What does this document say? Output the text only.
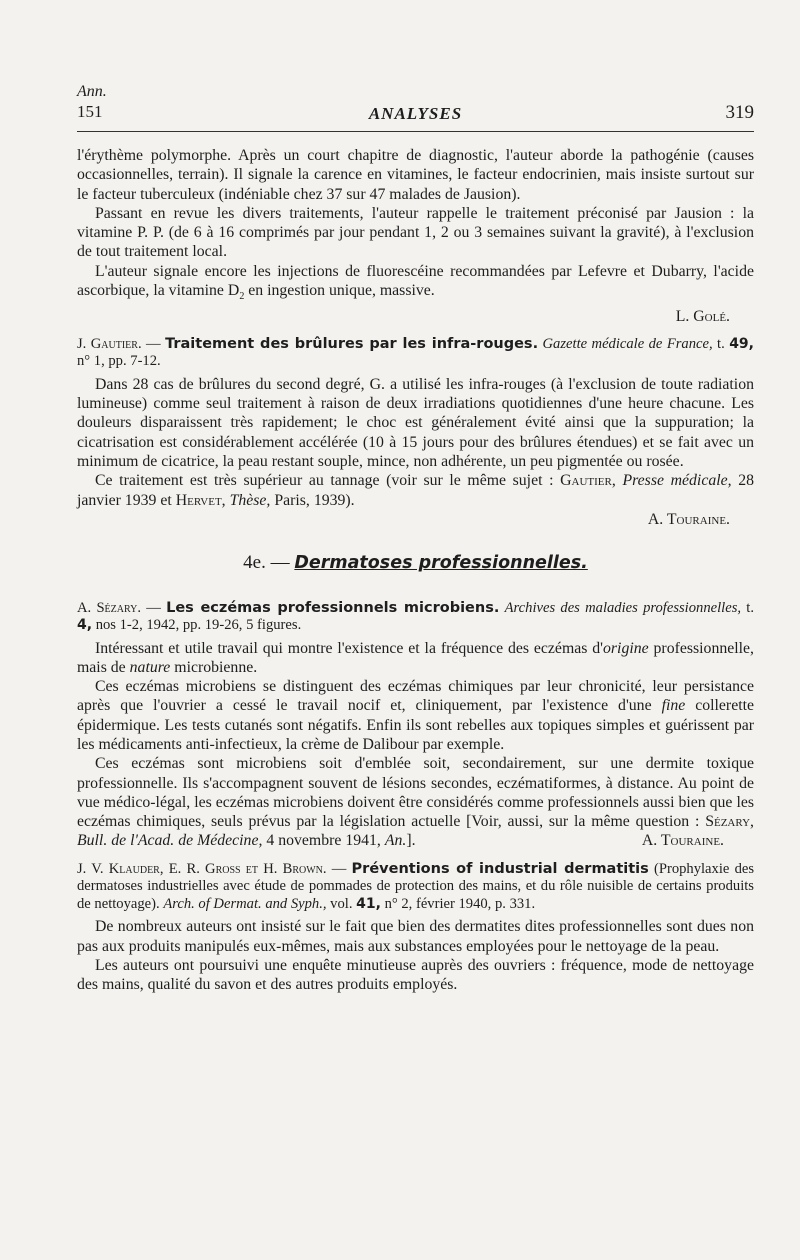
Ann.
151	ANALYSES	319

l'érythème polymorphe. Après un court chapitre de diagnostic, l'auteur aborde la pathogénie (causes occasionnelles, terrain). Il signale la carence en vitamines, le facteur endocrinien, mais insiste surtout sur le facteur tuberculeux (indéniable chez 37 sur 47 malades de Jausion).

Passant en revue les divers traitements, l'auteur rappelle le traitement préconisé par Jausion : la vitamine P. P. (de 6 à 16 comprimés par jour pendant 1, 2 ou 3 semaines suivant la gravité), à l'exclusion de tout traitement local.

L'auteur signale encore les injections de fluorescéine recommandées par Lefevre et Dubarry, l'acide ascorbique, la vitamine $D_2$ en ingestion unique, massive.

L. Golé.

J. Gautier. — Traitement des brûlures par les infra-rouges. Gazette médicale de France, t. 49, n° 1, pp. 7-12.

Dans 28 cas de brûlures du second degré, G. a utilisé les infra-rouges (à l'exclusion de toute radiation lumineuse) comme seul traitement à raison de deux irradiations quotidiennes d'une heure chacune. Les douleurs disparaissent très rapidement; le choc est généralement évité ainsi que la suppuration; la cicatrisation est considérablement accélérée (10 à 15 jours pour des brûlures étendues) et se fait avec un minimum de cicatrice, la peau restant souple, mince, non adhérente, un peu pigmentée ou rosée.

Ce traitement est très supérieur au tannage (voir sur le même sujet : Gautier, Presse médicale, 28 janvier 1939 et Hervet, Thèse, Paris, 1939).

A. Touraine.

4e. — Dermatoses professionnelles.

A. Sézary. — Les eczémas professionnels microbiens. Archives des maladies professionnelles, t. 4, nos 1-2, 1942, pp. 19-26, 5 figures.

Intéressant et utile travail qui montre l'existence et la fréquence des eczémas d'origine professionnelle, mais de nature microbienne.

Ces eczémas microbiens se distinguent des eczémas chimiques par leur chronicité, leur persistance après que l'ouvrier a cessé le travail nocif et, cliniquement, par l'existence d'une fine collerette épidermique. Les tests cutanés sont négatifs. Enfin ils sont rebelles aux topiques simples et guérissent par les médicaments anti-infectieux, la crème de Dalibour par exemple.

Ces eczémas sont microbiens soit d'emblée soit, secondairement, sur une dermite toxique professionnelle. Ils s'accompagnent souvent de lésions secondes, eczématiformes, à distance. Au point de vue médico-légal, les eczémas microbiens doivent être considérés comme professionnels aussi bien que les eczémas chimiques, seuls prévus par la législation actuelle [Voir, aussi, sur la même question : Sézary, Bull. de l'Acad. de Médecine, 4 novembre 1941, An.].	A. Touraine.

J. V. Klauder, E. R. Gross et H. Brown. — Préventions of industrial dermatitis (Prophylaxie des dermatoses industrielles avec étude de pommades de protection des mains, et du rôle nuisible de certains produits de nettoyage). Arch. of Dermat. and Syph., vol. 41, n° 2, février 1940, p. 331.

De nombreux auteurs ont insisté sur le fait que bien des dermatites dites professionnelles sont dues non pas aux produits manipulés eux-mêmes, mais aux substances employées pour le nettoyage de la peau.

Les auteurs ont poursuivi une enquête minutieuse auprès des ouvriers : fréquence, mode de nettoyage des mains, qualité du savon et des autres produits employés.
